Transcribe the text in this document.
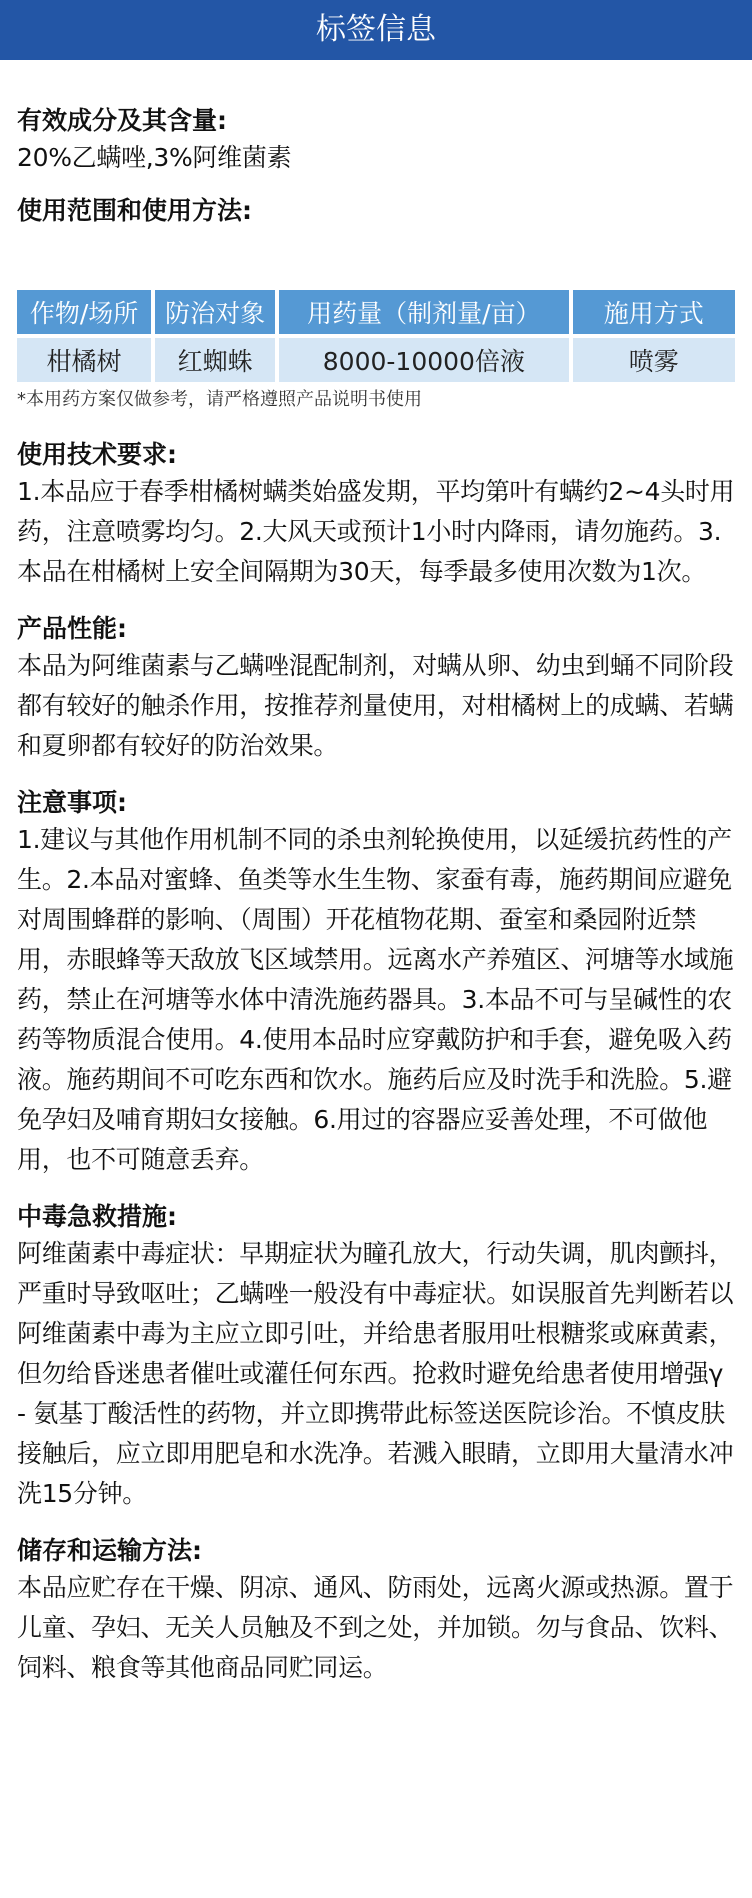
标签信息

有效成分及其含量:

20%乙螨唑,3%阿维菌素

使用范围和使用方法:

作物/场所	防治对象	用药量（制剂量/亩）	施用方式
柑橘树	红蜘蛛	8000-10000倍液	喷雾

*本用药方案仅做参考，请严格遵照产品说明书使用

使用技术要求:

1.本品应于春季柑橘树螨类始盛发期，平均第叶有螨约2~4头时用药，注意喷雾均匀。2.大风天或预计1小时内降雨，请勿施药。3.本品在柑橘树上安全间隔期为30天，每季最多使用次数为1次。

产品性能:

本品为阿维菌素与乙螨唑混配制剂，对螨从卵、幼虫到蛹不同阶段都有较好的触杀作用，按推荐剂量使用，对柑橘树上的成螨、若螨和夏卵都有较好的防治效果。

注意事项:

1.建议与其他作用机制不同的杀虫剂轮换使用，以延缓抗药性的产生。2.本品对蜜蜂、鱼类等水生生物、家蚕有毒，施药期间应避免对周围蜂群的影响、（周围）开花植物花期、蚕室和桑园附近禁用，赤眼蜂等天敌放飞区域禁用。远离水产养殖区、河塘等水域施药，禁止在河塘等水体中清洗施药器具。3.本品不可与呈碱性的农药等物质混合使用。4.使用本品时应穿戴防护和手套，避免吸入药液。施药期间不可吃东西和饮水。施药后应及时洗手和洗脸。5.避免孕妇及哺育期妇女接触。6.用过的容器应妥善处理，不可做他用，也不可随意丢弃。

中毒急救措施:

阿维菌素中毒症状：早期症状为瞳孔放大，行动失调，肌肉颤抖，严重时导致呕吐；乙螨唑一般没有中毒症状。如误服首先判断若以阿维菌素中毒为主应立即引吐，并给患者服用吐根糖浆或麻黄素，但勿给昏迷患者催吐或灌任何东西。抢救时避免给患者使用增强γ - 氨基丁酸活性的药物，并立即携带此标签送医院诊治。不慎皮肤接触后，应立即用肥皂和水洗净。若溅入眼睛，立即用大量清水冲洗15分钟。

储存和运输方法:

本品应贮存在干燥、阴凉、通风、防雨处，远离火源或热源。置于儿童、孕妇、无关人员触及不到之处，并加锁。勿与食品、饮料、饲料、粮食等其他商品同贮同运。
